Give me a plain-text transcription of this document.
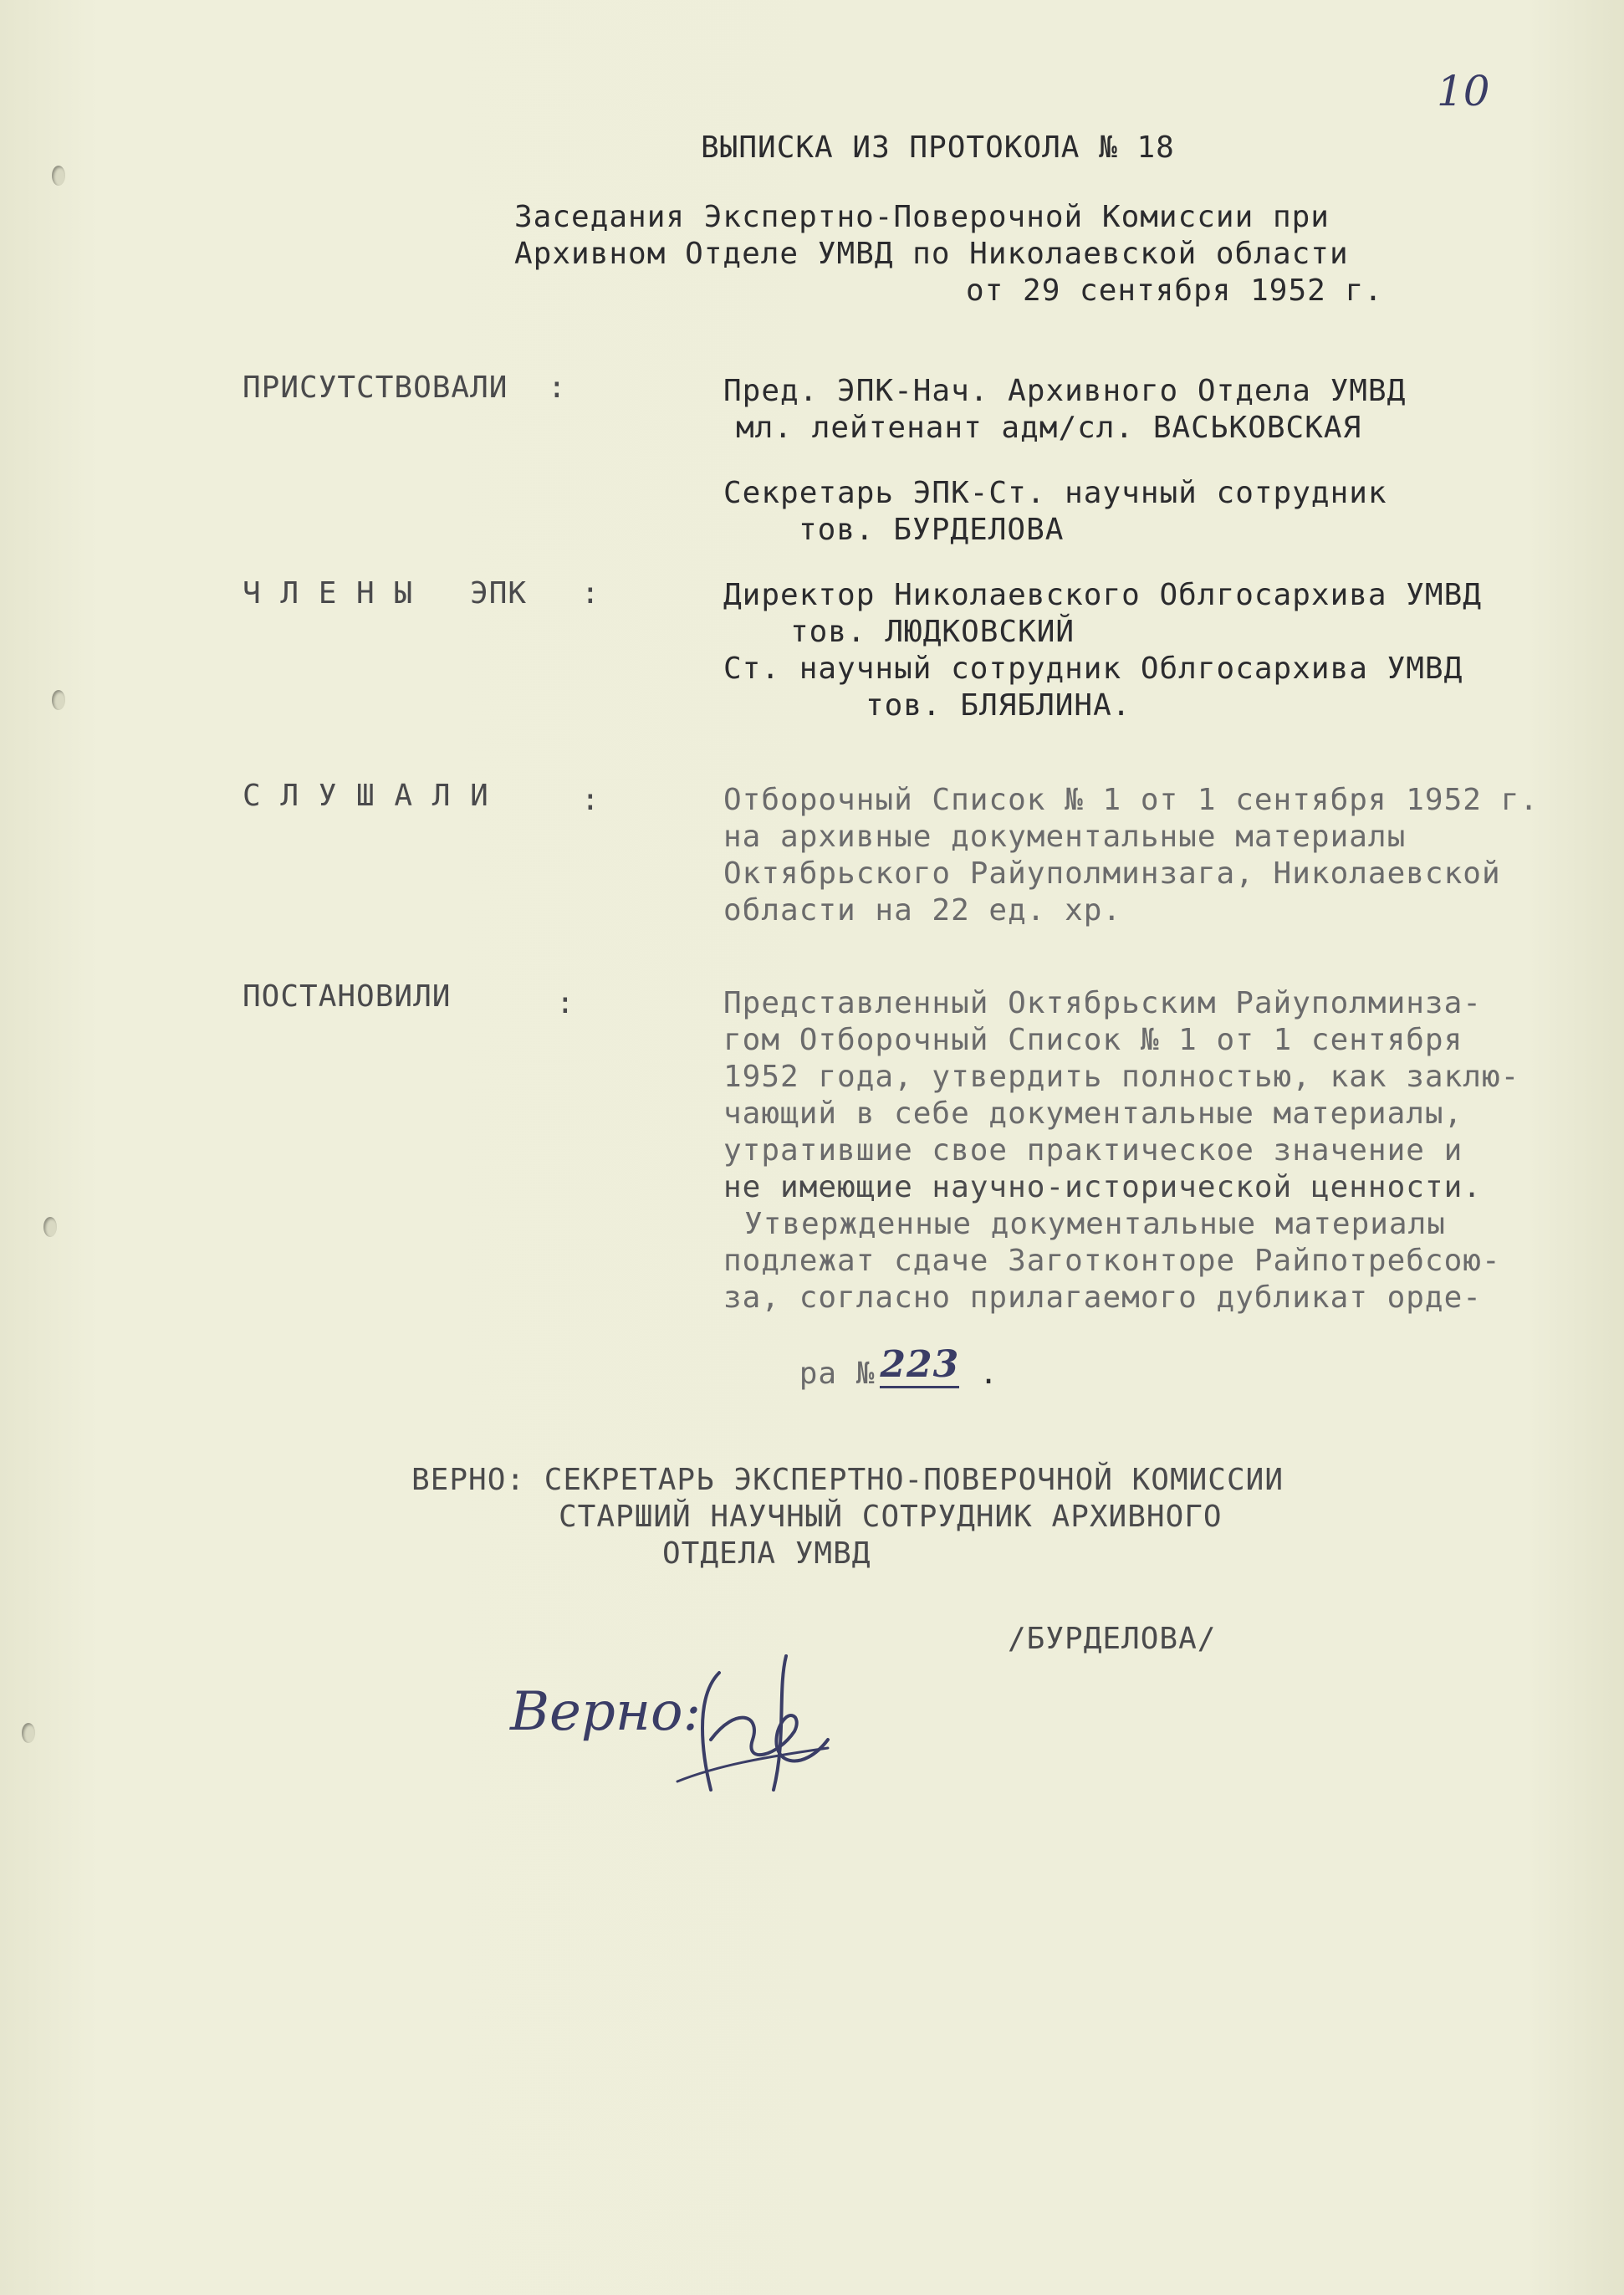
10
ВЫПИСКА ИЗ ПРОТОКОЛА № 18
Заседания Экспертно-Поверочной Комиссии при
Архивном Отделе УМВД по Николаевской области
от 29 сентября 1952 г.
ПРИСУТСТВОВАЛИ :	Пред. ЭПК-Нач. Архивного Отдела УМВД
мл. лейтенант адм/сл. ВАСЬКОВСКАЯ
Секретарь ЭПК-Ст. научный сотрудник
тов. БУРДЕЛОВА
Ч Л Е Н Ы   ЭПК :	Директор Николаевского Облгосархива УМВД
тов. ЛЮДКОВСКИЙ
Ст. научный сотрудник Облгосархива УМВД
тов. БЛЯБЛИНА.
С Л У Ш А Л И	:	Отборочный Список № 1 от 1 сентября 1952 г.
на архивные документальные материалы
Октябрьского Райуполминзага, Николаевской
области на 22 ед. хр.
ПОСТАНОВИЛИ	:	Представленный Октябрьским Райуполминза-
гом Отборочный Список № 1 от 1 сентября
1952 года, утвердить полностью, как заклю-
чающий в себе документальные материалы,
утратившие свое практическое значение и
не имеющие научно-исторической ценности.
Утвержденные документальные материалы
подлежат сдаче Заготконторе Райпотребсою-
за, согласно прилагаемого дубликат орде-

ра № 223 .

ВЕРНО: СЕКРЕТАРЬ ЭКСПЕРТНО-ПОВЕРОЧНОЙ КОМИССИИ
СТАРШИЙ НАУЧНЫЙ СОТРУДНИК АРХИВНОГО
ОТДЕЛА УМВД
/БУРДЕЛОВА/
Верно:
